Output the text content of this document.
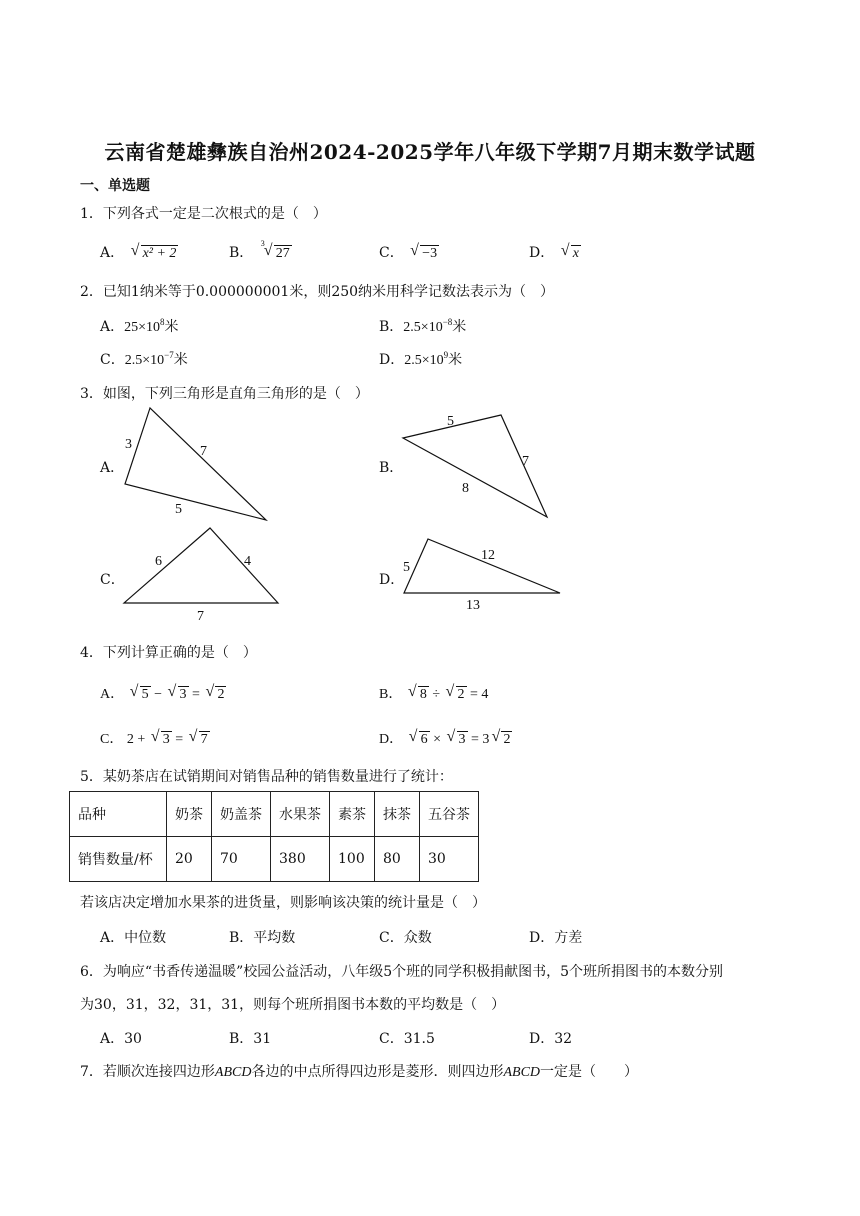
云南省楚雄彝族自治州2024-2025学年八年级下学期7月期末数学试题
一、单选题
1．下列各式一定是二次根式的是（　）
A． √ x² + 2	B．
3 √ 27	C． √ −3	D． √ x
2．已知1纳米等于0.000000001米，则250纳米用科学记数法表示为（　）
A．$25\times 10^8$米	B．$2.5\times 10^{-8}$米
C．$2.5\times 10^{-7}$米	D．$2.5\times 10^9$米
3．如图，下列三角形是直角三角形的是（　）
A．
3	7
5
B．
5
7
8
C．
6	4
7
D．
5
12
13
4．下列计算正确的是（　）
A． √ 5 − √ 3 = √ 2	B． √ 8 ÷ √ 2 = 4
C． 2 + √ 3 = √ 7	D． √ 6 × √ 3 = 3 √ 2
5．某奶茶店在试销期间对销售品种的销售数量进行了统计：
品种	奶茶	奶盖茶	水果茶	素茶	抹茶	五谷茶
销售数量/杯	20	70	380	100	80	30
若该店决定增加水果茶的进货量，则影响该决策的统计量是（　）
A．中位数	B．平均数	C．众数	D．方差
6．为响应“书香传递温暖”校园公益活动，八年级5个班的同学积极捐献图书，5个班所捐图书的本数分别
为30，31，32，31，31，则每个班所捐图书本数的平均数是（　）
A．30	B．31	C．31.5	D．32
7．若顺次连接四边形ABCD各边的中点所得四边形是菱形．则四边形ABCD一定是（　　）
